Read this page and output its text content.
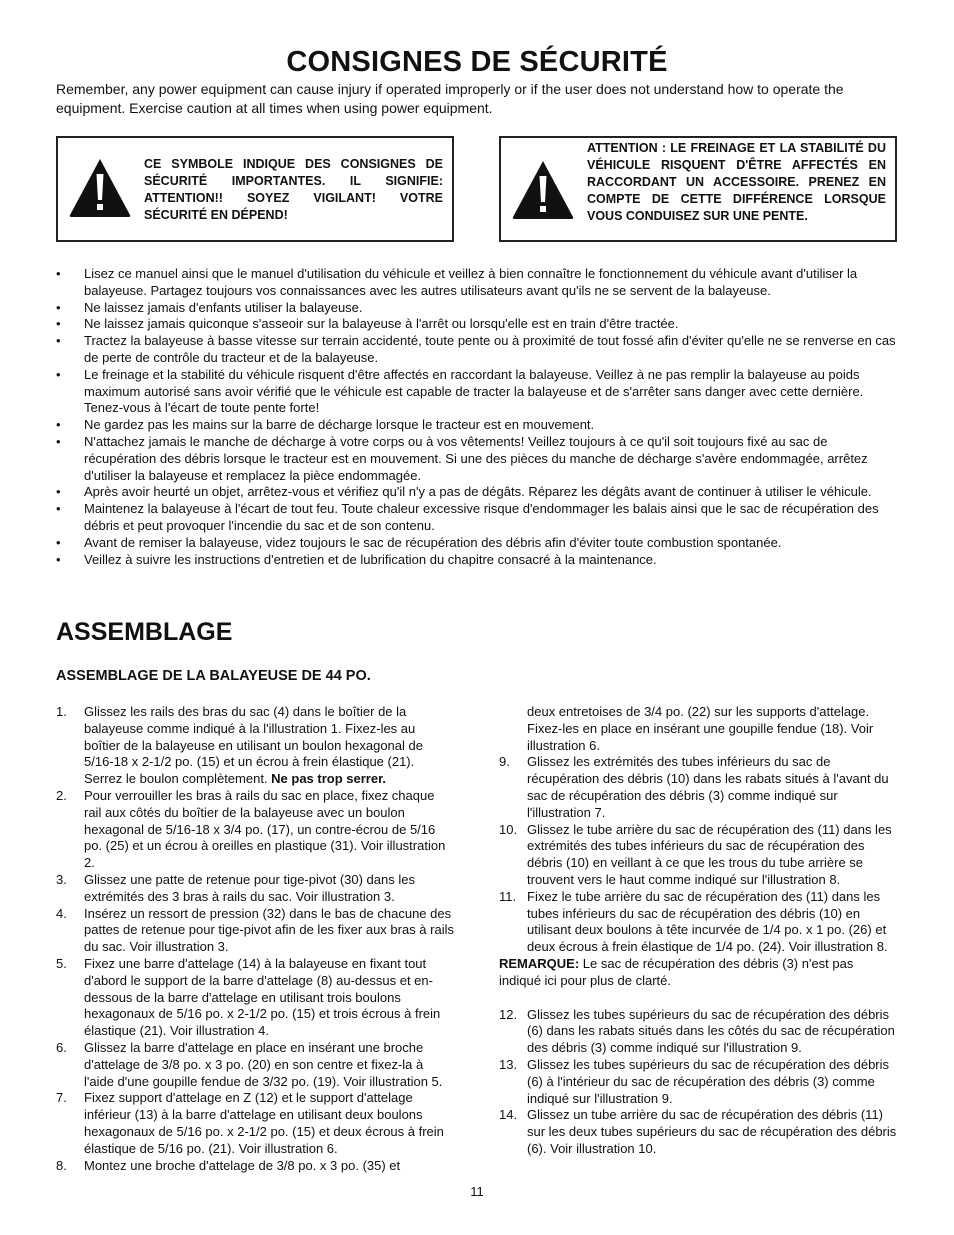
CONSIGNES DE SÉCURITÉ
Remember, any power equipment can cause injury if operated improperly or if the user does not understand how to operate the equipment. Exercise caution at all times when using power equipment.
CE SYMBOLE INDIQUE DES CONSIGNES DE SÉCURITÉ IMPORTANTES. IL SIGNIFIE: ATTENTION!! SOYEZ VIGILANT! VOTRE SÉCURITÉ EN DÉPEND!
ATTENTION : LE FREINAGE ET LA STABILITÉ DU VÉHICULE RISQUENT D'ÊTRE AFFECTÉS EN RACCORDANT UN ACCESSOIRE. PRENEZ EN COMPTE DE CETTE DIFFÉRENCE LORSQUE VOUS CONDUISEZ SUR UNE PENTE.
• Lisez ce manuel ainsi que le manuel d'utilisation du véhicule et veillez à bien connaître le fonctionnement du véhicule avant d'utiliser la balayeuse. Partagez toujours vos connaissances avec les autres utilisateurs avant qu'ils ne se servent de la balayeuse.
• Ne laissez jamais d'enfants utiliser la balayeuse.
• Ne laissez jamais quiconque s'asseoir sur la balayeuse à l'arrêt ou lorsqu'elle est en train d'être tractée.
• Tractez la balayeuse à basse vitesse sur terrain accidenté, toute pente ou à proximité de tout fossé afin d'éviter qu'elle ne se renverse en cas de perte de contrôle du tracteur et de la balayeuse.
• Le freinage et la stabilité du véhicule risquent d'être affectés en raccordant la balayeuse. Veillez à ne pas remplir la balayeuse au poids maximum autorisé sans avoir vérifié que le véhicule est capable de tracter la balayeuse et de s'arrêter sans danger avec cette dernière. Tenez-vous à l'écart de toute pente forte!
• Ne gardez pas les mains sur la barre de décharge lorsque le tracteur est en mouvement.
• N'attachez jamais le manche de décharge à votre corps ou à vos vêtements! Veillez toujours à ce qu'il soit toujours fixé au sac de récupération des débris lorsque le tracteur est en mouvement. Si une des pièces du manche de décharge s'avère endommagée, arrêtez d'utiliser la balayeuse et remplacez la pièce endommagée.
• Après avoir heurté un objet, arrêtez-vous et vérifiez qu'il n'y a pas de dégâts. Réparez les dégâts avant de continuer à utiliser le véhicule.
• Maintenez la balayeuse à l'écart de tout feu. Toute chaleur excessive risque d'endommager les balais ainsi que le sac de récupération des débris et peut provoquer l'incendie du sac et de son contenu.
• Avant de remiser la balayeuse, videz toujours le sac de récupération des débris afin d'éviter toute combustion spontanée.
• Veillez à suivre les instructions d'entretien et de lubrification du chapitre consacré à la maintenance.
ASSEMBLAGE
ASSEMBLAGE DE LA BALAYEUSE DE 44 PO.
1. Glissez les rails des bras du sac (4) dans le boîtier de la balayeuse comme indiqué à la l'illustration 1. Fixez-les au boîtier de la balayeuse en utilisant un boulon hexagonal de 5/16-18 x 2-1/2 po. (15) et un écrou à frein élastique (21). Serrez le boulon complètement. Ne pas trop serrer.
2. Pour verrouiller les bras à rails du sac en place, fixez chaque rail aux côtés du boîtier de la balayeuse avec un boulon hexagonal de 5/16-18 x 3/4 po. (17), un contre-écrou de 5/16 po. (25) et un écrou à oreilles en plastique (31). Voir illustration 2.
3. Glissez une patte de retenue pour tige-pivot (30) dans les extrémités des 3 bras à rails du sac. Voir illustration 3.
4. Insérez un ressort de pression (32) dans le bas de chacune des pattes de retenue pour tige-pivot afin de les fixer aux bras à rails du sac. Voir illustration 3.
5. Fixez une barre d'attelage (14) à la balayeuse en fixant tout d'abord le support de la barre d'attelage (8) au-dessus et en-dessous de la barre d'attelage en utilisant trois boulons hexagonaux de 5/16 po. x 2-1/2 po. (15) et trois écrous à frein élastique (21). Voir illustration 4.
6. Glissez la barre d'attelage en place en insérant une broche d'attelage de 3/8 po. x 3 po. (20) en son centre et fixez-la à l'aide d'une goupille fendue de 3/32 po. (19). Voir illustration 5.
7. Fixez support d'attelage en Z (12) et le support d'attelage inférieur (13) à la barre d'attelage en utilisant deux boulons hexagonaux de 5/16 po. x 2-1/2 po. (15) et deux écrous à frein élastique de 5/16 po. (21). Voir illustration 6.
8. Montez une broche d'attelage de 3/8 po. x 3 po. (35) et
deux entretoises de 3/4 po. (22) sur les supports d'attelage. Fixez-les en place en insérant une goupille fendue (18). Voir illustration 6.
9. Glissez les extrémités des tubes inférieurs du sac de récupération des débris (10) dans les rabats situés à l'avant du sac de récupération des débris (3) comme indiqué sur l'illustration 7.
10. Glissez le tube arrière du sac de récupération des (11) dans les extrémités des tubes inférieurs du sac de récupération des débris (10) en veillant à ce que les trous du tube arrière se trouvent vers le haut comme indiqué sur l'illustration 8.
11. Fixez le tube arrière du sac de récupération des (11) dans les tubes inférieurs du sac de récupération des débris (10) en utilisant deux boulons à tête incurvée de 1/4 po. x 1 po. (26) et deux écrous à frein élastique de 1/4 po. (24). Voir illustration 8.

REMARQUE: Le sac de récupération des débris (3) n'est pas indiqué ici pour plus de clarté.

12. Glissez les tubes supérieurs du sac de récupération des débris (6) dans les rabats situés dans les côtés du sac de récupération des débris (3) comme indiqué sur l'illustration 9.
13. Glissez les tubes supérieurs du sac de récupération des débris (6) à l'intérieur du sac de récupération des débris (3) comme indiqué sur l'illustration 9.
14. Glissez un tube arrière du sac de récupération des débris (11) sur les deux tubes supérieurs du sac de récupération des débris (6). Voir illustration 10.
11
